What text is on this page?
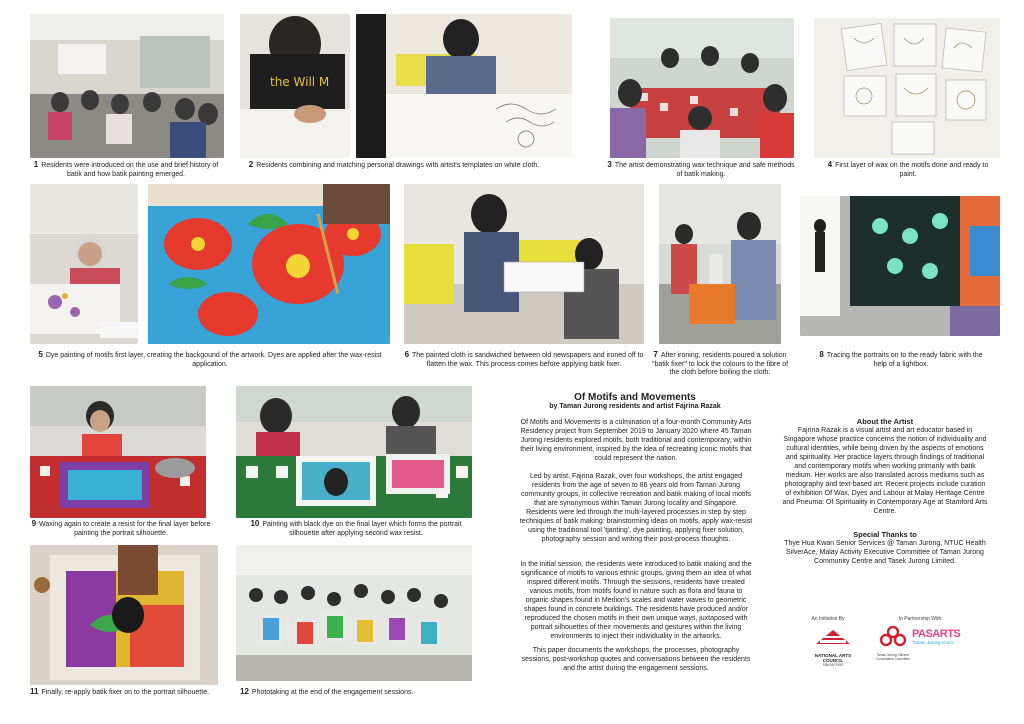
the Will M
1 Residents were introduced on the use and brief history of batik and how batik painting emerged.
2 Residents combining and matching personal drawings with artist's templates on white cloth.	3 The artist demonstrating wax technique and safe methods of batik making.
4 First layer of wax on the motifs done and ready to paint.
5 Dye painting of motifs first layer, creating the backgound of the artwork. Dyes are applied after the wax-resist application.
6 The painted cloth is sandwiched between old newspapers and ironed off to flatten the wax. This process comes before applying batik fixer.
7 After ironing, residents poured a solution "batik fixer" to lock the colours to the fibre of the cloth before boiling the cloth.
8 Tracing the portraits on to the ready fabric with the help of a lightbox.
9 Waxing again to create a resist for the final layer before painting the portrait silhouette.
10 Painting with black dye on the final layer which forms the portrait silhouette after applying second wax resist.
11 Finally, re-apply batik fixer on to the portrait silhouette.	12 Phototaking at the end of the engagement sessions.
Of Motifs and Movements
by Taman Jurong residents and artist Fajrina Razak
Of Motifs and Movements is a culmination of a four-month Community Arts Residency project from September 2019 to January 2020 where 45 Taman Jurong residents explored motifs, both traditional and contemporary, within their living environment, inspired by the idea of recreating iconic motifs that could represent the nation.
Led by artist, Fajrina Razak, over four workshops, the artist engaged residents from the age of seven to 86 years old from Taman Jurong community groups, in collective recreation and batik making of local motifs that are synonymous within Taman Jurong locality and Singapore. Residents were led through the multi-layered processes in step by step techniques of batik making: brainstorming ideas on motifs, apply wax-resist using the traditional tool 'tjanting', dye painting, applying fixer solution, photography session and writing their post-process thoughts.
In the initial session, the residents were introduced to batik making and the significance of motifs to various ethnic groups, giving them an idea of what inspired different motifs. Through the sessions, residents have created various motifs, from motifs found in nature such as flora and fauna to organic shapes found in Merlion's scales and water waves to geometric shapes found in concrete buildings. The residents have produced and/or reproduced the chosen motifs in their own unique ways, juxtaposed with portrait silhouettes of their movements and gestures within the living environments to inject their individuality in the artworks.
This paper documents the workshops, the processes, photography sessions, post-workshop quotes and conversations between the residents and the artist during the engagement sessions.
About the Artist
Fajrina Razak is a visual artist and art educator based in Singapore whose practice concerns the notion of individuality and cultural identities, while being driven by the aspects of emotions and spirituality. Her practice layers through findings of traditional and contemporary motifs when working primarily with batik medium. Her works are also translated across mediums such as photography and text-based art. Recent projects include curation of exhibition Of Wax, Dyes and Labour at Malay Heritage Centre and Pneuma: Of Spirituality in Contemporary Age at Stamford Arts Centre.
Special Thanks to
Thye Hua Kwan Senior Services @ Taman Jurong, NTUC Health SilverAce, Malay Activity Executive Committee of Taman Jurong Community Centre and Tasek Jurong Limited.
An Initiative By	In Partnership With
NATIONAL ARTS COUNCIL
SINGAPORE
Taman Jurong Citizens' Consultative Committee
PASARTS
Taman Jurong CACC
